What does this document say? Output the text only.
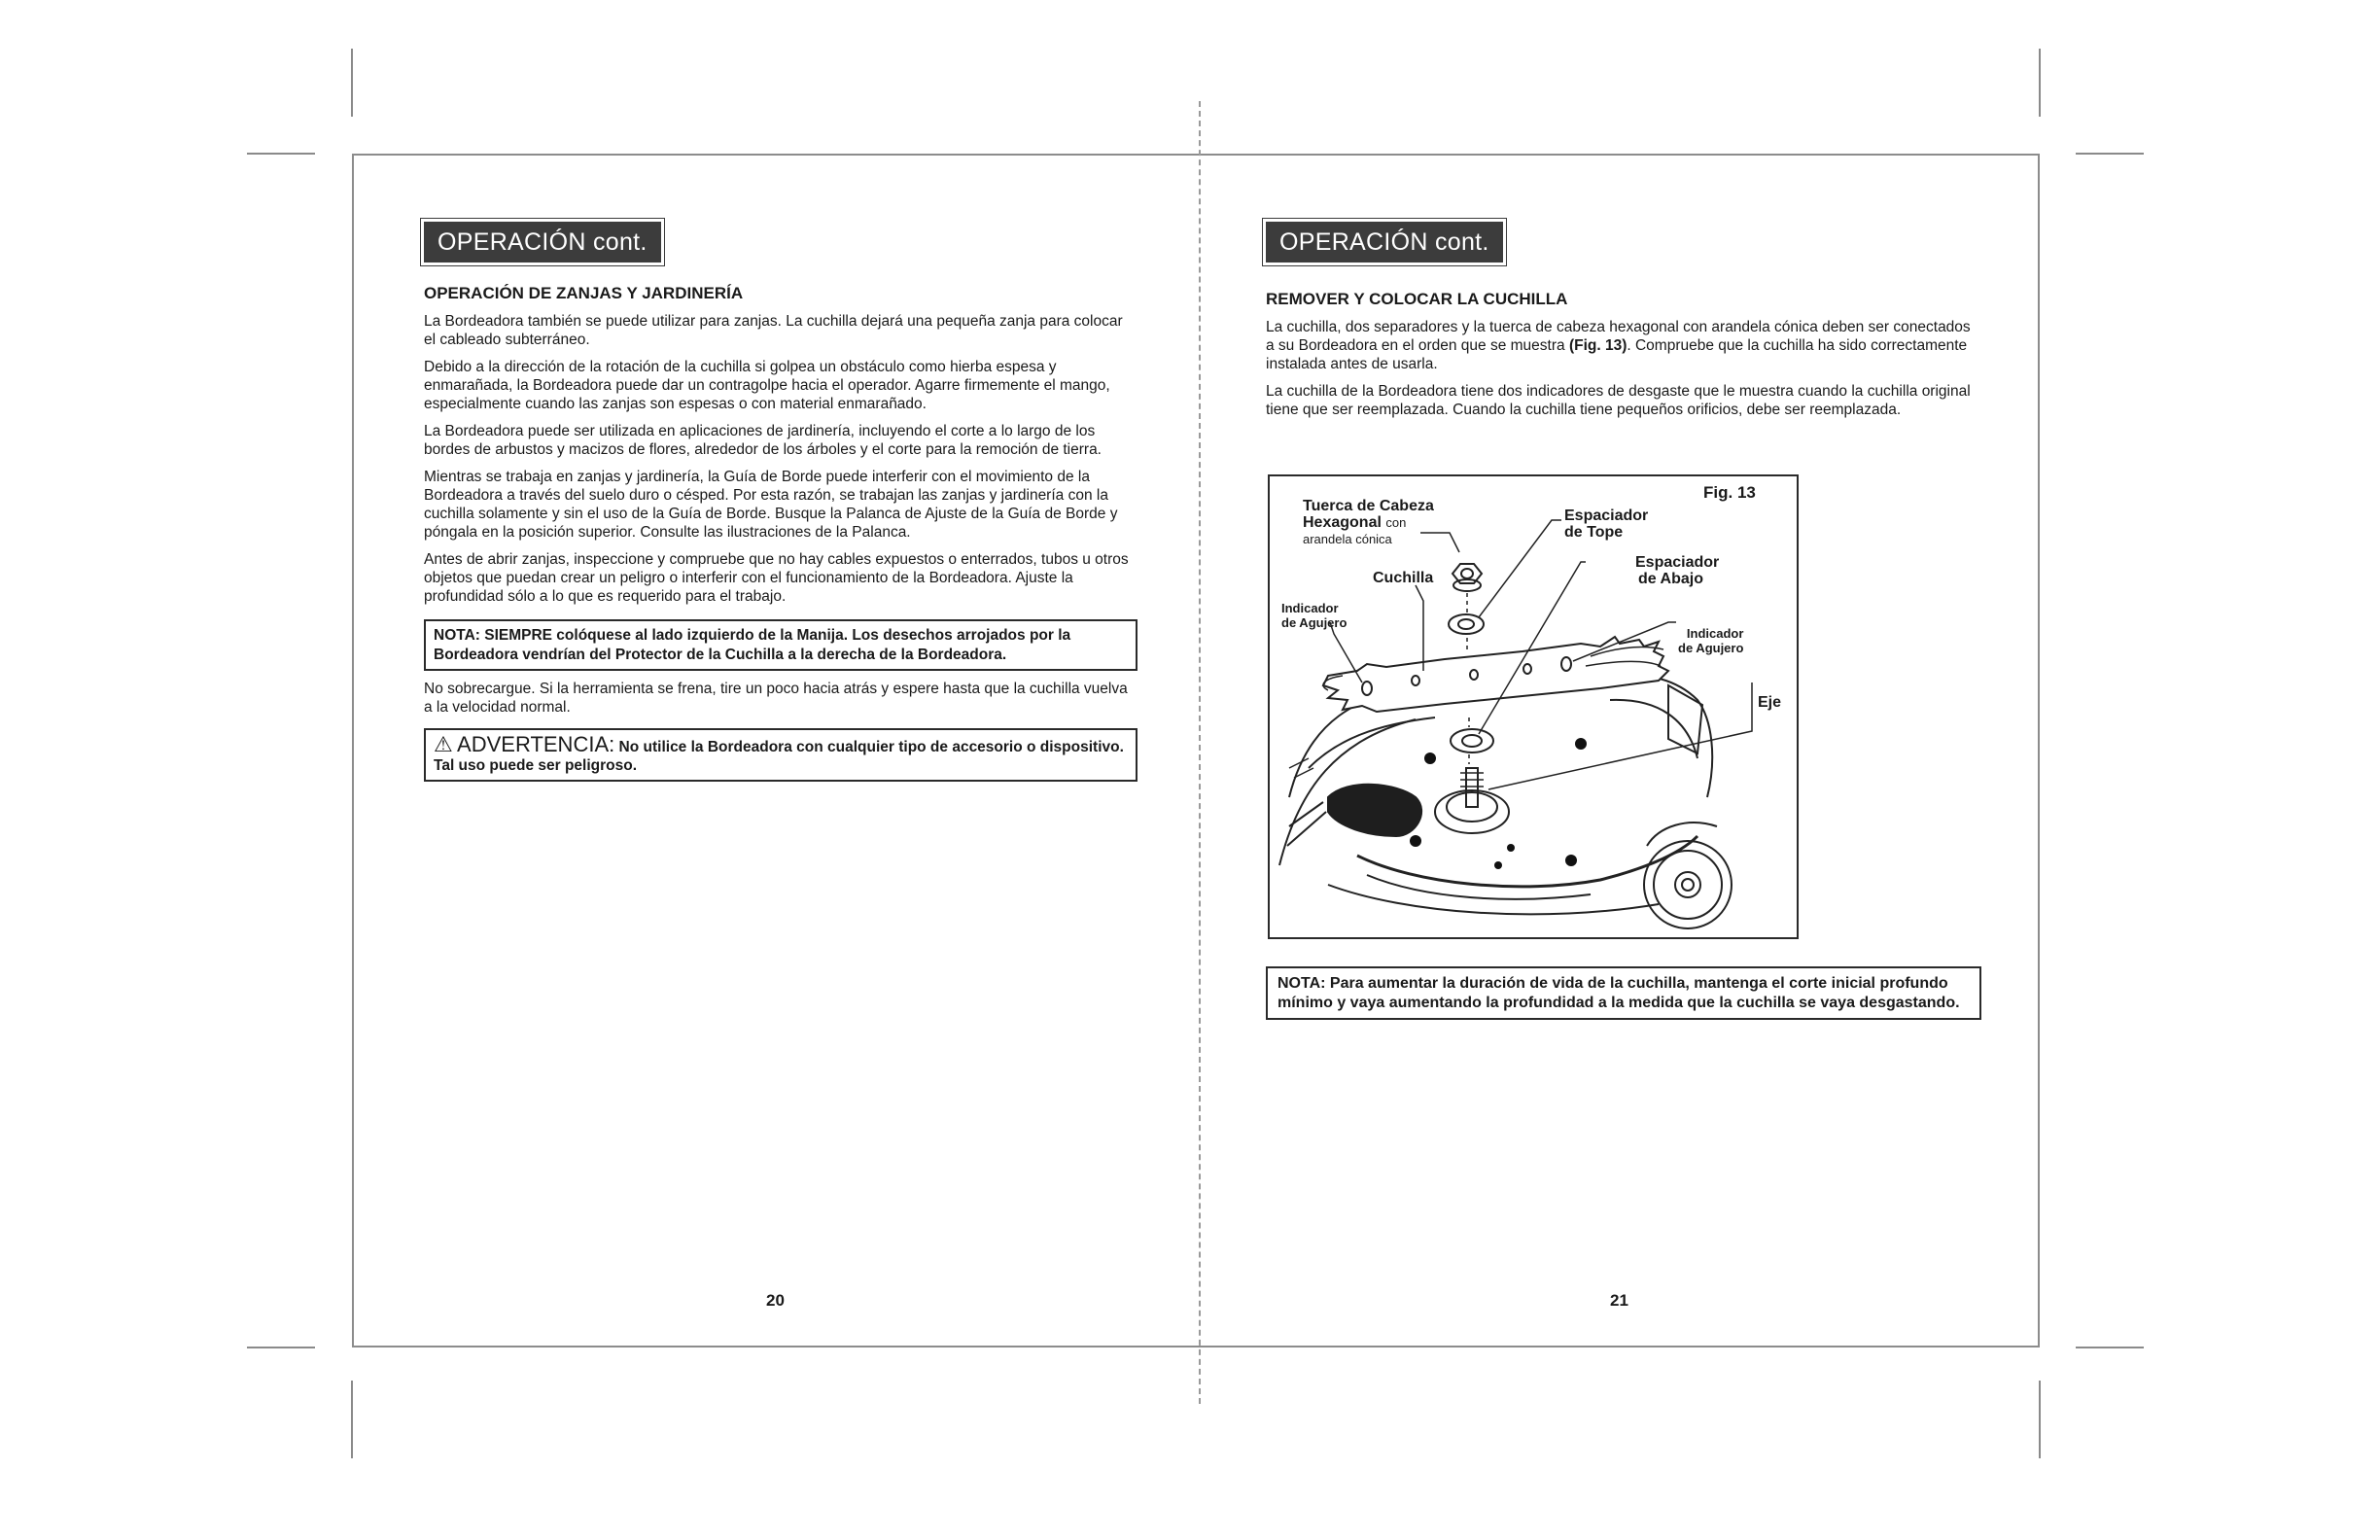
OPERACIÓN cont.
OPERACIÓN DE ZANJAS Y JARDINERÍA

La Bordeadora también se puede utilizar para zanjas. La cuchilla dejará una pequeña zanja para colocar el cableado subterráneo.

Debido a la dirección de la rotación de la cuchilla si golpea un obstáculo como hierba espesa y enmarañada, la Bordeadora puede dar un contragolpe hacia el operador. Agarre firmemente el mango, especialmente cuando las zanjas son espesas o con material enmarañado.

La Bordeadora puede ser utilizada en aplicaciones de jardinería, incluyendo el corte a lo largo de los bordes de arbustos y macizos de flores, alrededor de los árboles y el corte para la remoción de tierra.

Mientras se trabaja en zanjas y jardinería, la Guía de Borde puede interferir con el movimiento de la Bordeadora a través del suelo duro o césped. Por esta razón, se trabajan las zanjas y jardinería con la cuchilla solamente y sin el uso de la Guía de Borde. Busque la Palanca de Ajuste de la Guía de Borde y póngala en la posición superior. Consulte las ilustraciones de la Palanca.

Antes de abrir zanjas, inspeccione y compruebe que no hay cables expuestos o enterrados, tubos u otros objetos que puedan crear un peligro o interferir con el funcionamiento de la Bordeadora. Ajuste la profundidad sólo a lo que es requerido para el trabajo.

NOTA: SIEMPRE colóquese al lado izquierdo de la Manija. Los desechos arrojados por la Bordeadora vendrían del Protector de la Cuchilla a la derecha de la Bordeadora.

No sobrecargue. Si la herramienta se frena, tire un poco hacia atrás y espere hasta que la cuchilla vuelva a la velocidad normal.

⚠ ADVERTENCIA: No utilice la Bordeadora con cualquier tipo de accesorio o dispositivo. Tal uso puede ser peligroso.
20
OPERACIÓN cont.
REMOVER Y COLOCAR LA CUCHILLA

La cuchilla, dos separadores y la tuerca de cabeza hexagonal con arandela cónica deben ser conectados a su Bordeadora en el orden que se muestra (Fig. 13). Compruebe que la cuchilla ha sido correctamente instalada antes de usarla.

La cuchilla de la Bordeadora tiene dos indicadores de desgaste que le muestra cuando la cuchilla original tiene que ser reemplazada. Cuando la cuchilla tiene pequeños orificios, debe ser reemplazada.

Fig. 13
Tuerca de Cabeza
Hexagonal con
arandela cónica
Espaciador
de Tope
Cuchilla
Espaciador
de Abajo
Indicador
de Agujero
Indicador
de Agujero
Eje
NOTA: Para aumentar la duración de vida de la cuchilla, mantenga el corte inicial profundo mínimo y vaya aumentando la profundidad a la medida que la cuchilla se vaya desgastando.
21
